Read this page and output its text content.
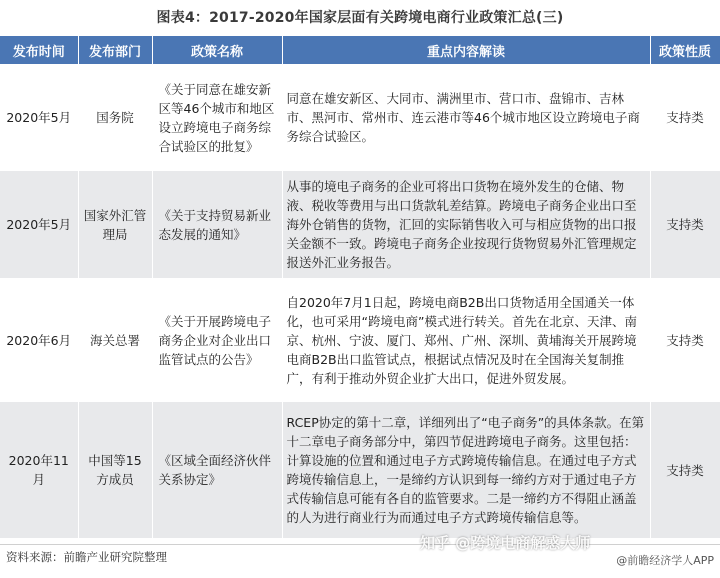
图表4：2017-2020年国家层面有关跨境电商行业政策汇总(三)
发布时间	发布部门	政策名称	重点内容解读	政策性质
2020年5月	国务院	《关于同意在雄安新区等46个城市和地区设立跨境电子商务综合试验区的批复》	同意在雄安新区、大同市、满洲里市、营口市、盘锦市、吉林市、黑河市、常州市、连云港市等46个城市地区设立跨境电子商务综合试验区。	支持类
2020年5月	国家外汇管理局	《关于支持贸易新业态发展的通知》	从事的境电子商务的企业可将出口货物在境外发生的仓储、物液、税收等费用与出口货款轧差结算。跨境电子商务企业出口至海外仓销售的货物，汇回的实际销售收入可与相应货物的出口报关金额不一致。跨境电子商务企业按现行货物贸易外汇管理规定报送外汇业务报告。	支持类
2020年6月	海关总署	《关于开展跨境电子商务企业对企业出口监管试点的公告》	自2020年7月1日起，跨境电商B2B出口货物适用全国通关一体化，也可采用“跨境电商”模式进行转关。首先在北京、天津、南京、杭州、宁波、厦门、郑州、广州、深圳、黄埔海关开展跨境电商B2B出口监管试点，根据试点情况及时在全国海关复制推广，有利于推动外贸企业扩大出口，促进外贸发展。	支持类
2020年11月	中国等15方成员	《区域全面经济伙伴关系协定》	RCEP协定的第十二章，详细列出了“电子商务”的具体条款。在第十二章电子商务部分中，第四节促进跨境电子商务。这里包括：计算设施的位置和通过电子方式跨境传输信息。在通过电子方式跨境传输信息上，一是缔约方认识到每一缔约方对于通过电子方式传输信息可能有各自的监管要求。二是一缔约方不得阻止涵盖的人为进行商业行为而通过电子方式跨境传输信息等。	支持类
资料来源：前瞻产业研究院整理
知乎 @跨境电商解惑大师
@前瞻经济学人APP
